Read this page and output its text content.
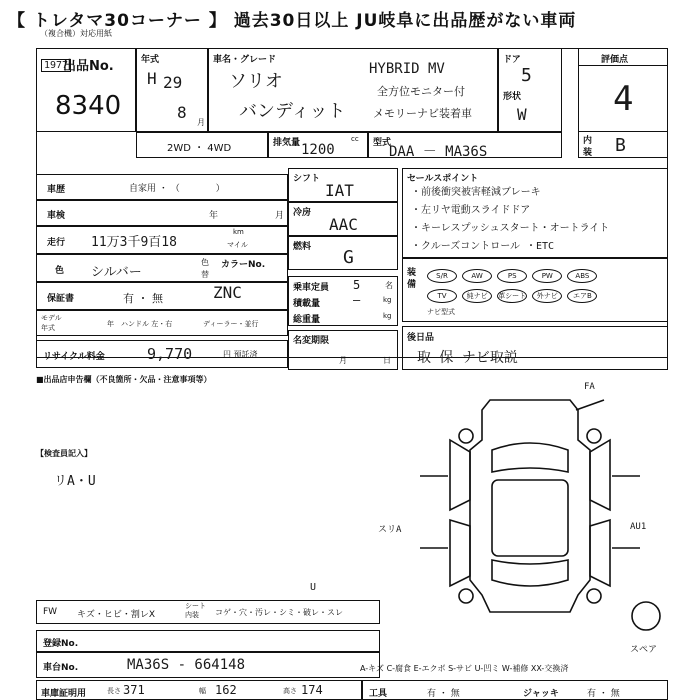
【 トレタマ30コーナー 】 過去30日以上 JU岐阜に出品歴がない車両
（複合機）対応用紙
出品No.
1977
8340
年式
H 29
8
月
車名・グレード
ソリオ
バンディット
HYBRID MV
全方位モニター付
メモリーナビ装着車
ドア
5
形状
W
評価点
4
内
装 B
2WD ・ 4WD	排気量	cc
1200	型式
DAA － MA36S
車歴	自家用 ・ （　　　　）
車検	年	月
走行 11万3千9百18
km
マイル
色 シルバー
色
替
カラーNo.
保証書	有 ・ 無	ZNC
モデル
年式	年 ハンドル 左・右	ディーラー・並行
リサイクル料金	9,770	円 預託済
シフト
IAT
冷房
AAC
燃料 G
乗車定員 5	名
積載量	—	kg
総重量	kg
名変期限
月	日
セールスポイント
・前後衝突被害軽減ブレーキ
・左リヤ電動スライドドア
・キーレスプッシュスタート・オートライト
・クルーズコントロール ・ETC
装備
S/R	AW	PS	PW	ABS
TV	純ナビ 革シート 外ナビ エアB
ナビ型式
後日品
取 保 ナビ取説
■出品店申告欄（不良箇所・欠品・注意事項等）
【検査員記入】
リA・U
FA
スリA	AU1
U
スペア
FW キズ・ヒビ・割レX
シート内装	コゲ・穴・汚レ・シミ・破レ・スレ
登録No.
車台No.	MA36S - 664148	A-キズ C-腐食 E-エクボ S-サビ U-凹ミ W-補修 XX-交換済
車庫証明用	長さ 371	幅 162	高さ 174	工具	有 ・ 無	ジャッキ	有 ・ 無
